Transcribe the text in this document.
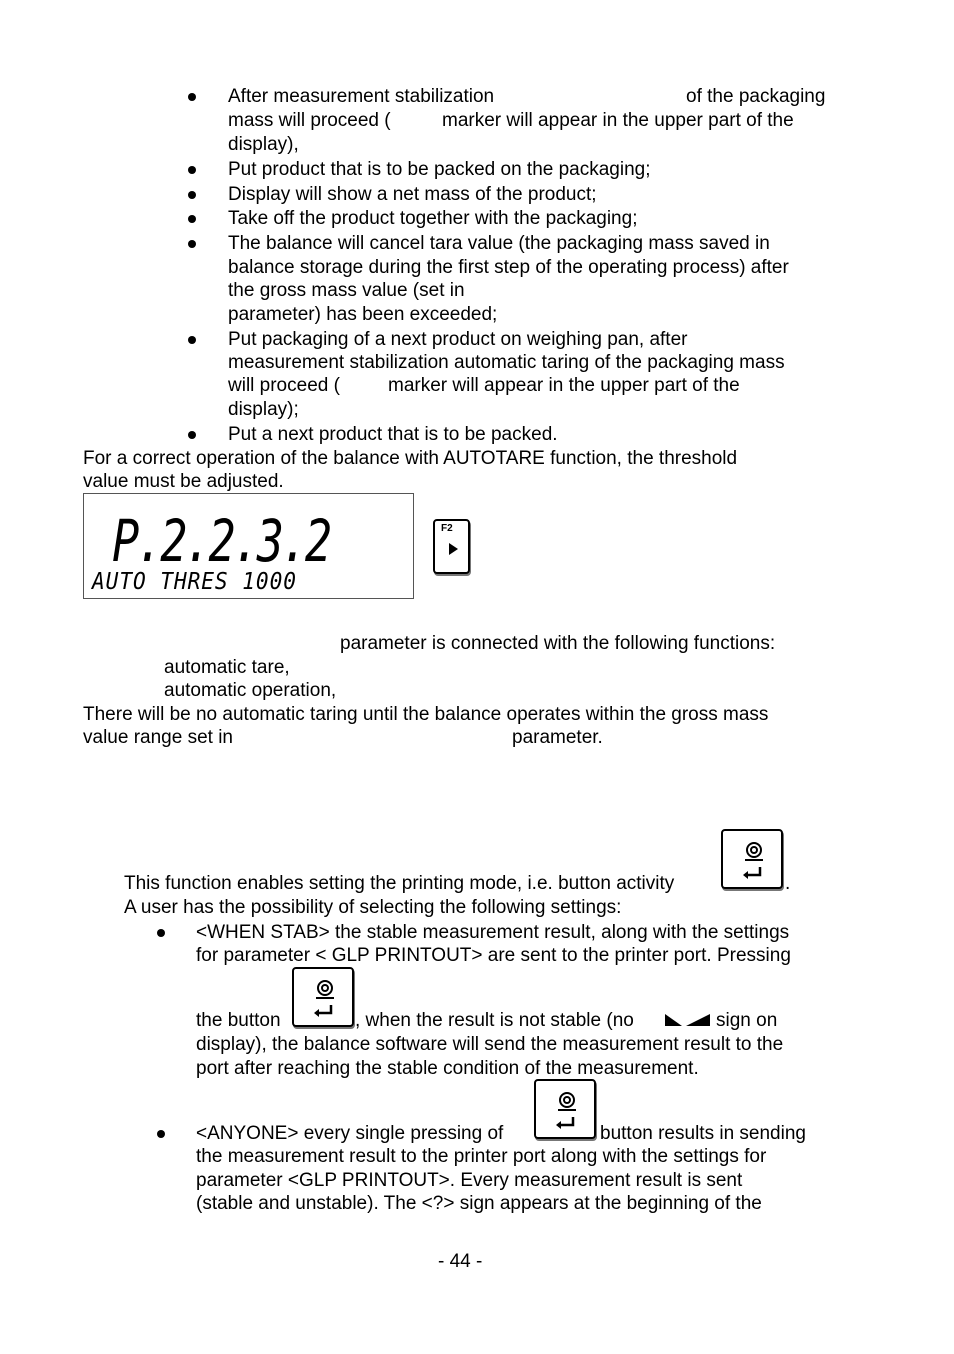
After measurement stabilization	of the packaging
mass will proceed (	marker will appear in the upper part of the
display),
Put product that is to be packed on the packaging;
Display will show a net mass of the product;
Take off the product together with the packaging;
The balance will cancel tara value (the packaging mass saved in
balance storage during the first step of the operating process) after
the gross mass value (set in
parameter) has been exceeded;
Put packaging of a next product on weighing pan, after
measurement stabilization automatic taring of the packaging mass
will proceed (	marker will appear in the upper part of the
display);
Put a next product that is to be packed.
For a correct operation of the balance with AUTOTARE function, the threshold
value must be adjusted.
P.2.2.3.2
AUTO THRES 1000
F2
parameter is connected with the following functions:
automatic tare,
automatic operation,
There will be no automatic taring until the balance operates within the gross mass
value range set in	parameter.
This function enables setting the printing mode, i.e. button activity	.
A user has the possibility of selecting the following settings:
<WHEN STAB> the stable measurement result, along with the settings
for parameter < GLP PRINTOUT> are sent to the printer port. Pressing
the button	, when the result is not stable (no	sign on
display), the balance software will send the measurement result to the
port after reaching the stable condition of the measurement.
<ANYONE> every single pressing of	button results in sending
the measurement result to the printer port along with the settings for
parameter <GLP PRINTOUT>. Every measurement result is sent
(stable and unstable). The <?> sign appears at the beginning of the
- 44 -
